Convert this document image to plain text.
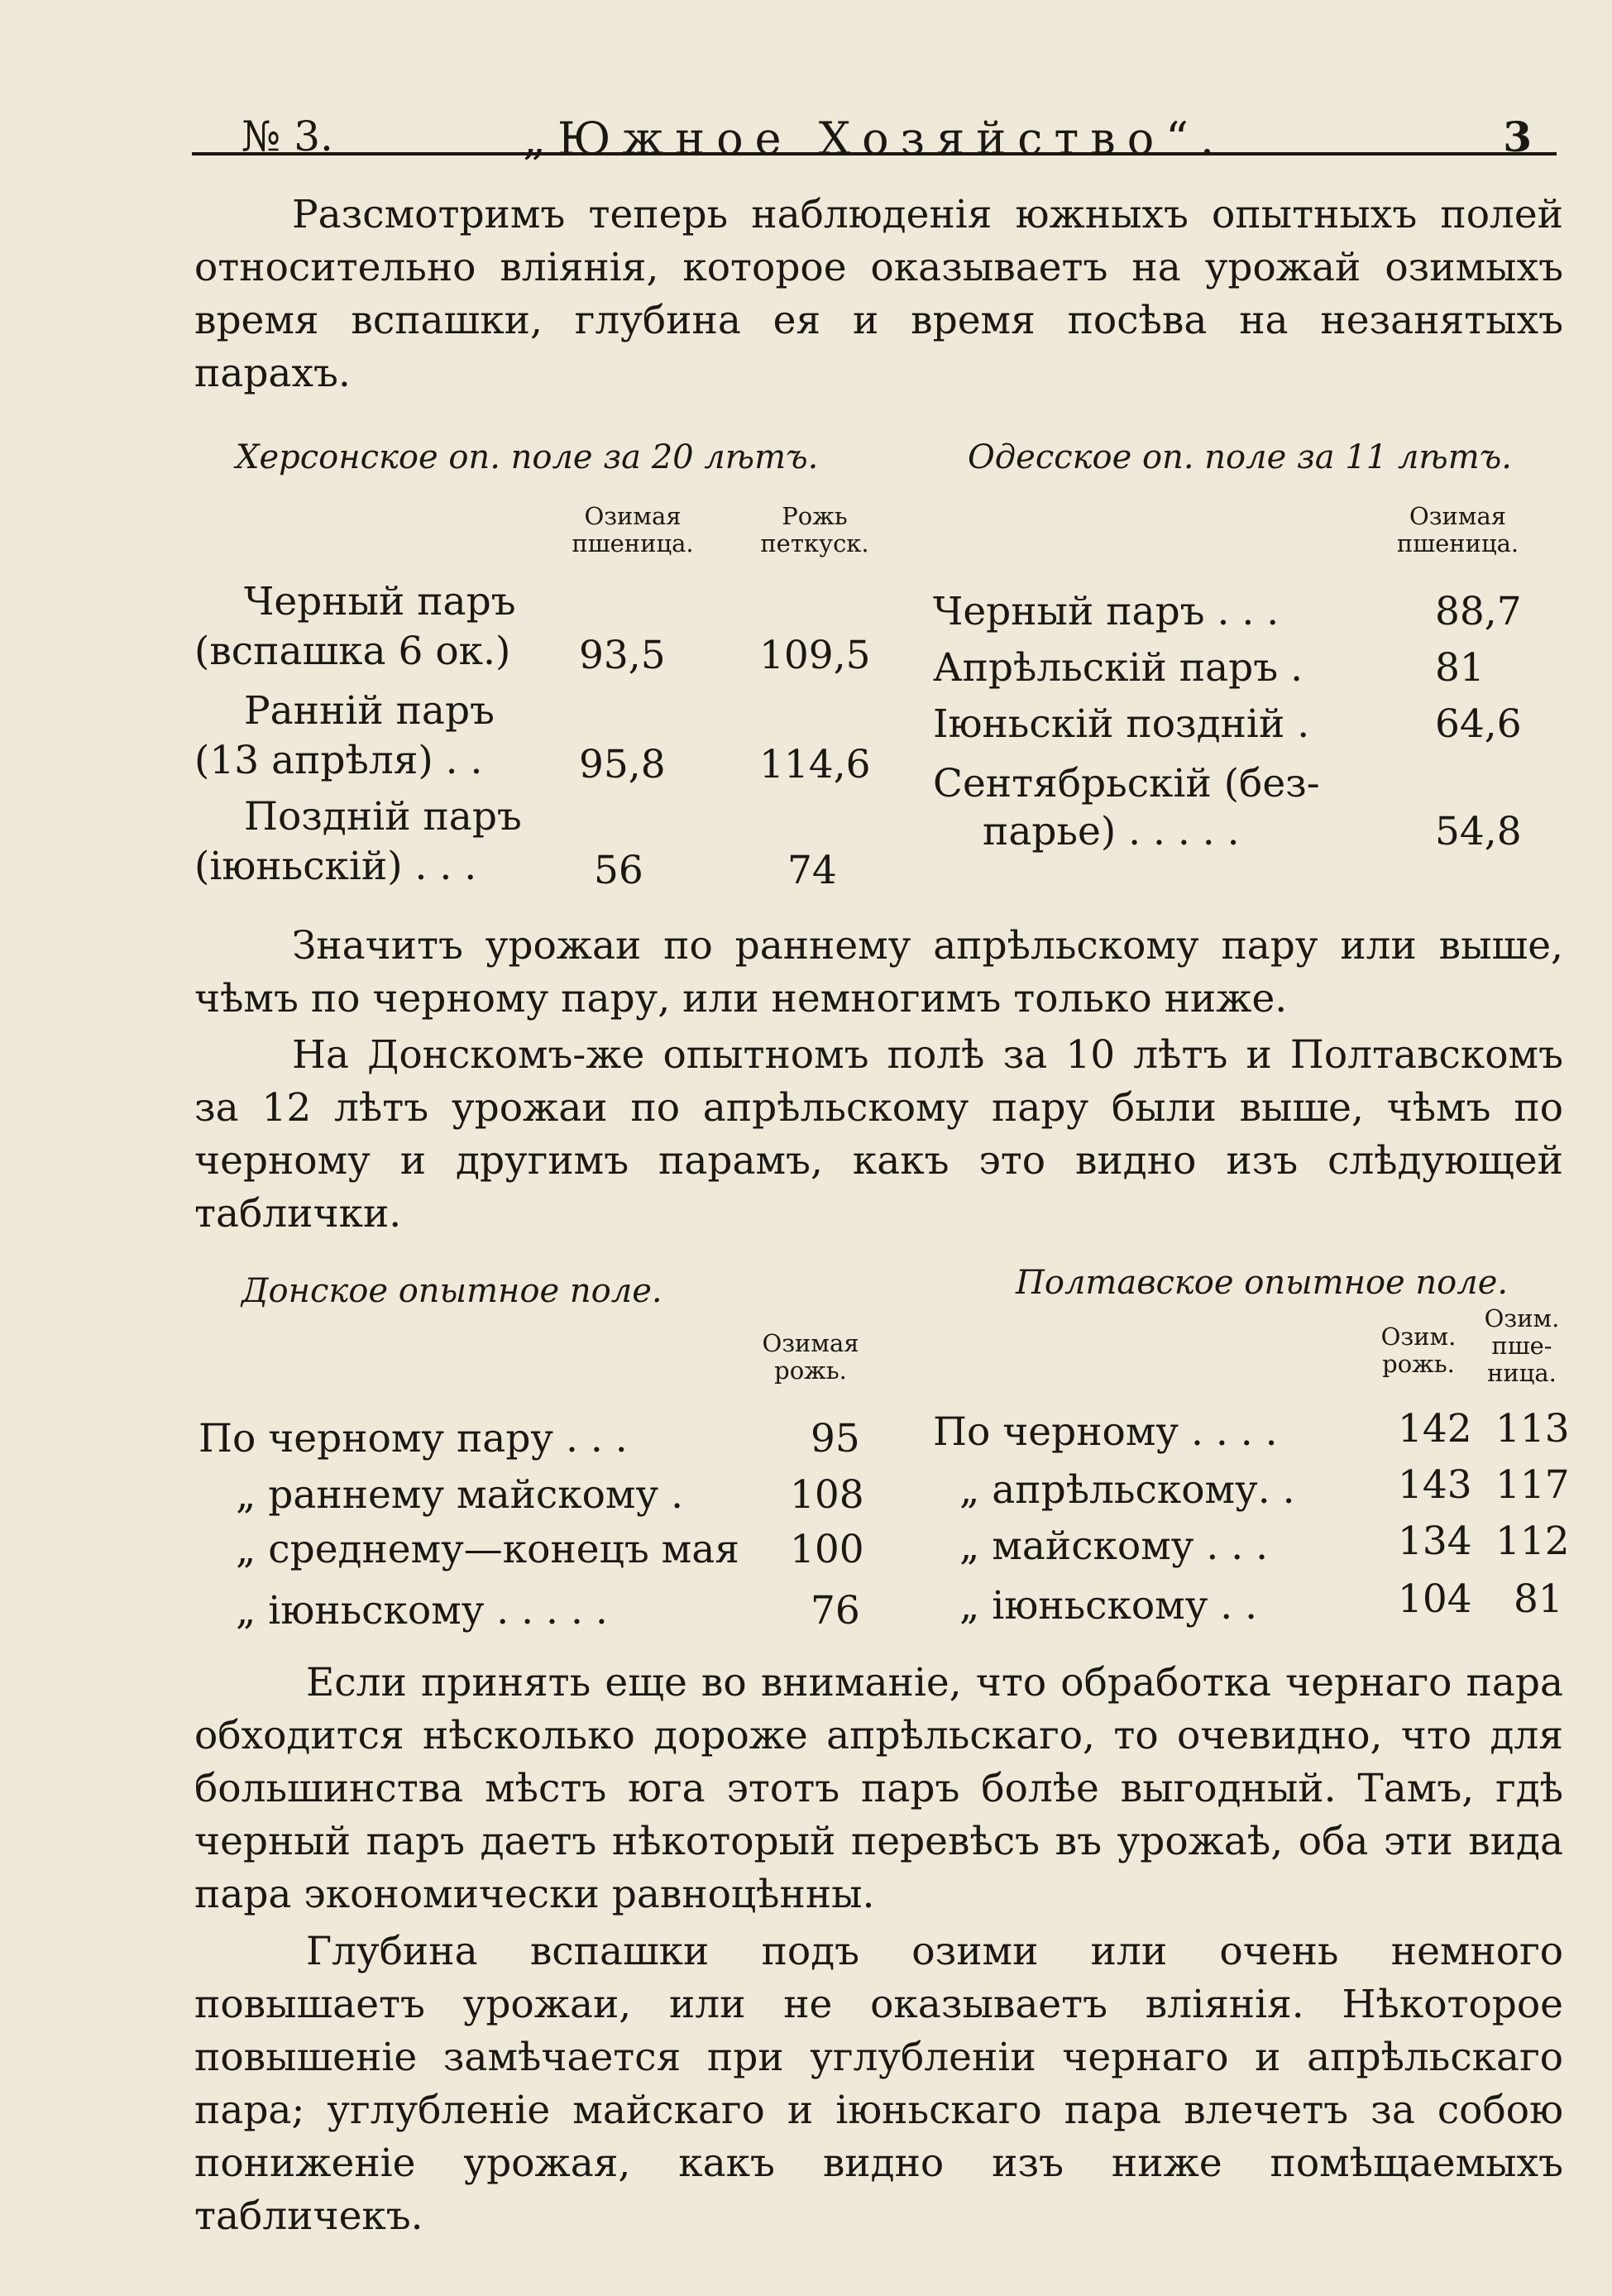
№ 3.	„Южное Хозяйство“.	3
Разсмотримъ теперь наблюденія южныхъ опытныхъ полей относительно вліянія, которое оказываетъ на урожай озимыхъ время вспашки, глубина ея и время посѣва на незанятыхъ парахъ.
Херсонское оп. поле за 20 лѣтъ.
Озимая
пшеница.
Рожь
петкуск.
Черный паръ
(вспашка 6 ок.) 93,5 109,5
Ранній паръ
(13 апрѣля) . . 95,8 114,6
Поздній паръ
(іюньскій) . . .	56	74
Одесское оп. поле за 11 лѣтъ.
Озимая
пшеница.
Черный паръ . . .	88,7
Апрѣльскій паръ .	81
Іюньскій поздній .	64,6
Сентябрьскій (без-
парье) . . . . .	54,8
Значитъ урожаи по раннему апрѣльскому пару или выше, чѣмъ по черному пару, или немногимъ только ниже.
На Донскомъ-же опытномъ полѣ за 10 лѣтъ и Полтавскомъ за 12 лѣтъ урожаи по апрѣльскому пару были выше, чѣмъ по черному и другимъ парамъ, какъ это видно изъ слѣдующей таблички.
Донское опытное поле.
Озимая
рожь.
По черному пару . . .	95
„ раннему майскому .	108
„ среднему—конецъ мая 100
„ іюньскому . . . . .	76
Полтавское опытное поле.
Озим.
рожь.
Озим.
пше-
ница.
По черному . . . .	142 113
„ апрѣльскому. .	143 117
„ майскому . . .	134 112
„ іюньскому . .	104 81
Если принять еще во вниманіе, что обработка чернаго пара обходится нѣсколько дороже апрѣльскаго, то очевидно, что для большинства мѣстъ юга этотъ паръ болѣе выгодный. Тамъ, гдѣ черный паръ даетъ нѣкоторый перевѣсъ въ урожаѣ, оба эти вида пара экономически равноцѣнны.
Глубина вспашки подъ озими или очень немного повышаетъ урожаи, или не оказываетъ вліянія. Нѣкоторое повышеніе замѣчается при углубленіи чернаго и апрѣльскаго пара; углубленіе майскаго и іюньскаго пара влечетъ за собою пониженіе урожая, какъ видно изъ ниже помѣщаемыхъ табличекъ.
